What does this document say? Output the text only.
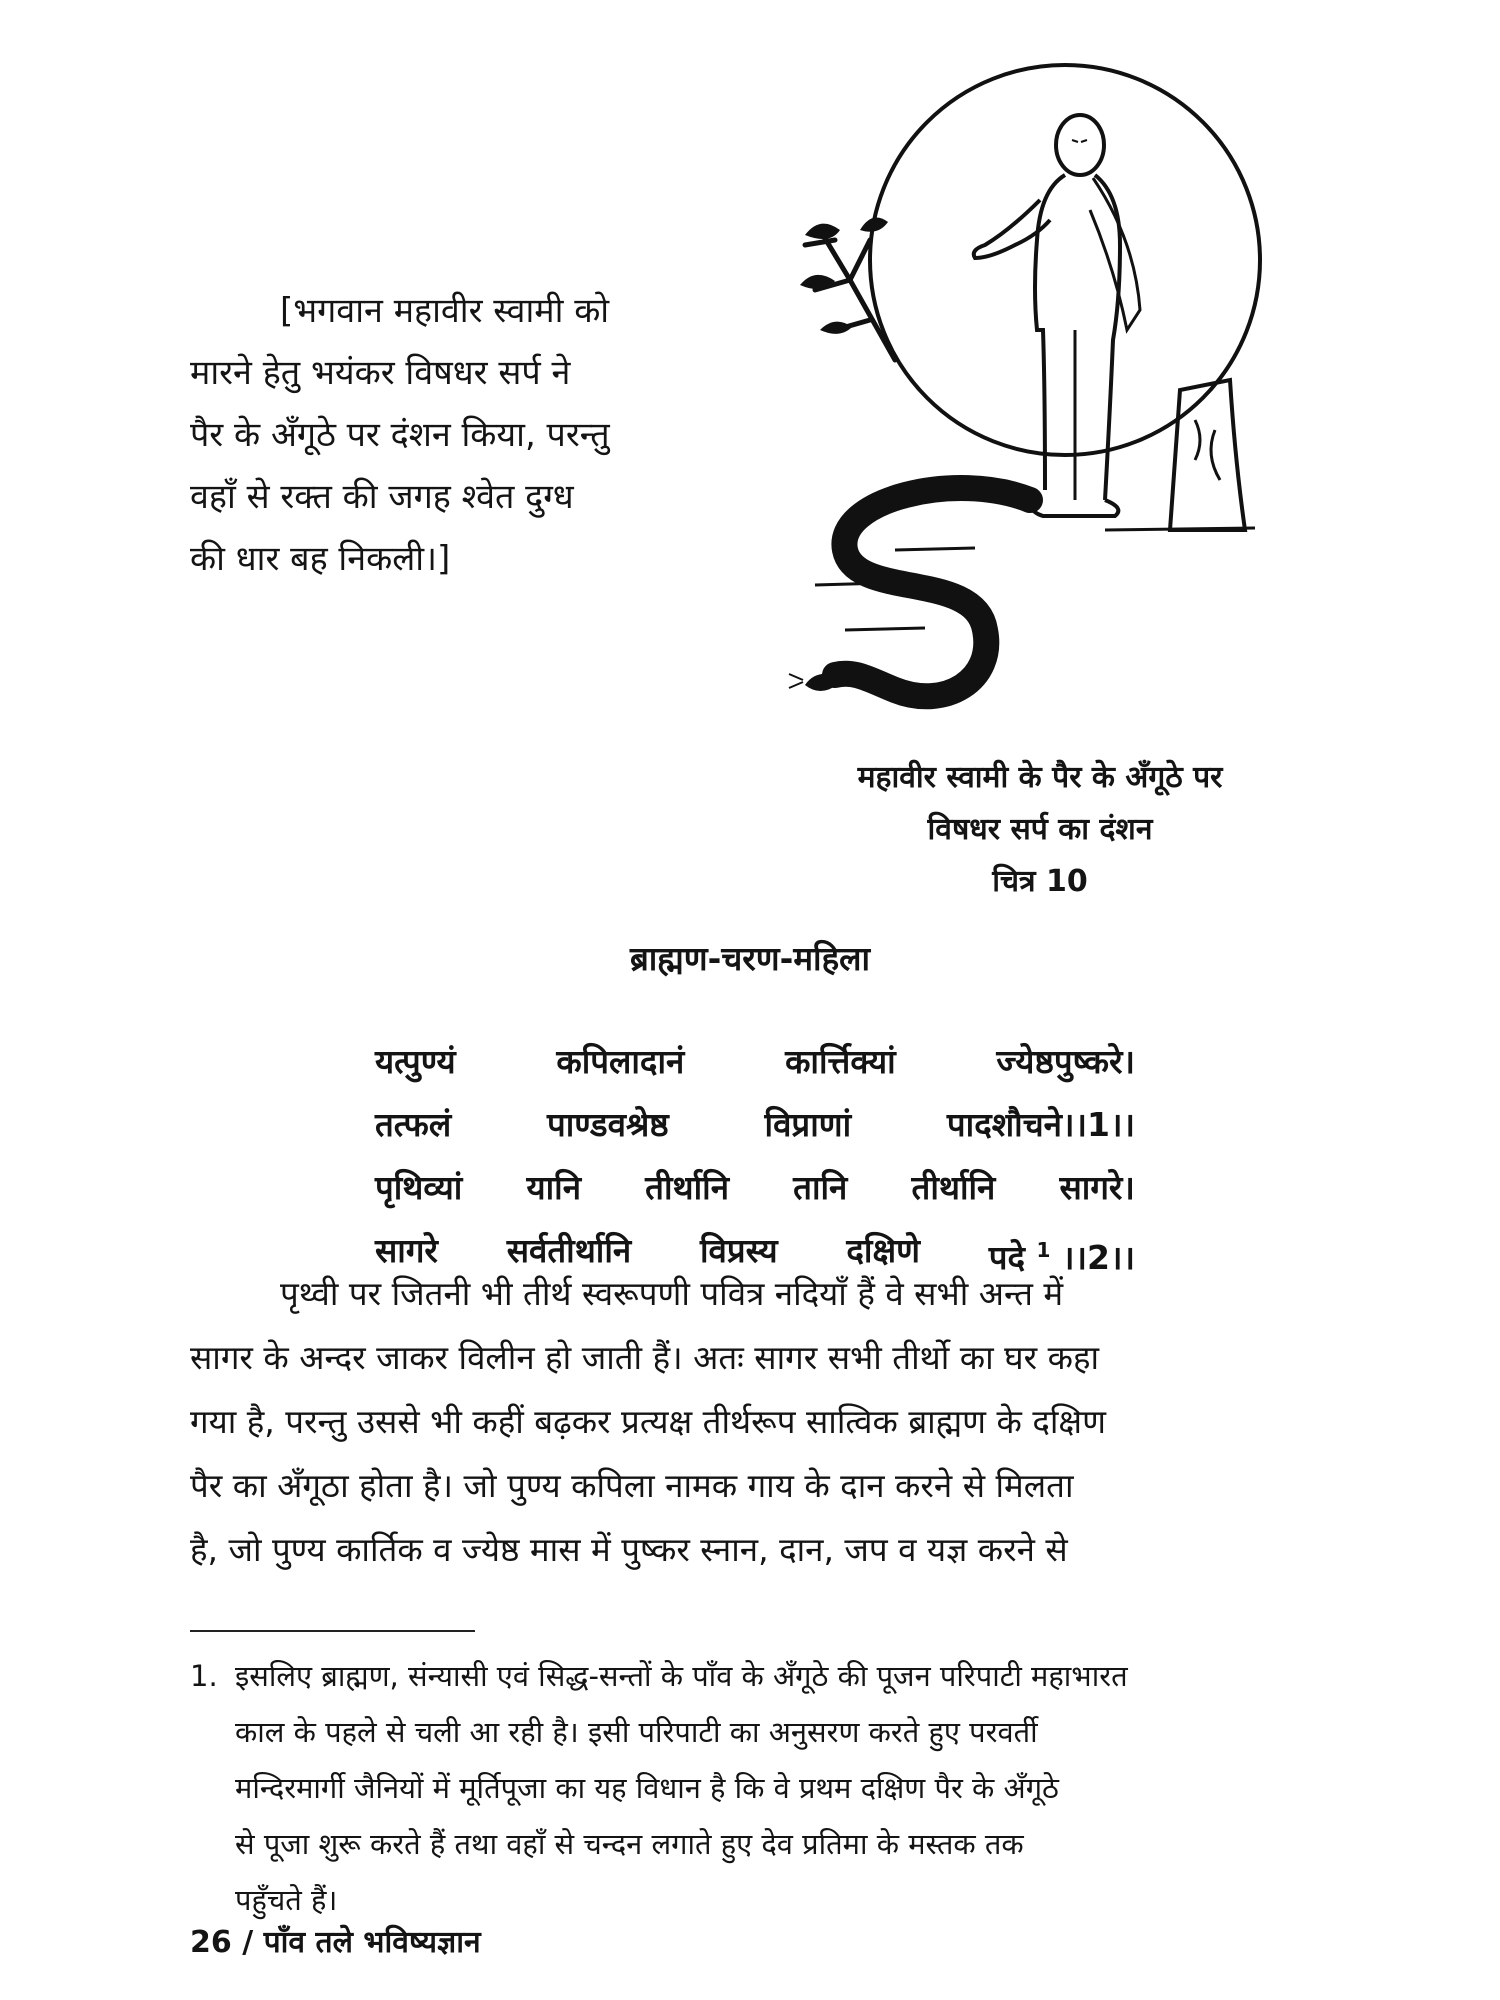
[भगवान महावीर स्वामी को
मारने हेतु भयंकर विषधर सर्प ने
पैर के अँगूठे पर दंशन किया, परन्तु
वहाँ से रक्त की जगह श्वेत दुग्ध
की धार बह निकली।]
महावीर स्वामी के पैर के अँगूठे पर
विषधर सर्प का दंशन
चित्र 10
ब्राह्मण-चरण-महिला
यत्पुण्यं	कपिलादानं	कार्त्तिक्यां	ज्येष्ठपुष्करे।
तत्फलं	पाण्डवश्रेष्ठ	विप्राणां	पादशौचने।।1।।
पृथिव्यां यानि तीर्थानि तानि तीर्थानि सागरे।
सागरे सर्वतीर्थानि विप्रस्य दक्षिणे पदे $^1$ ।।2।।
पृथ्वी पर जितनी भी तीर्थ स्वरूपणी पवित्र नदियाँ हैं वे सभी अन्त में
सागर के अन्दर जाकर विलीन हो जाती हैं। अतः सागर सभी तीर्थो का घर कहा
गया है, परन्तु उससे भी कहीं बढ़कर प्रत्यक्ष तीर्थरूप सात्विक ब्राह्मण के दक्षिण
पैर का अँगूठा होता है। जो पुण्य कपिला नामक गाय के दान करने से मिलता
है, जो पुण्य कार्तिक व ज्येष्ठ मास में पुष्कर स्नान, दान, जप व यज्ञ करने से
1. इसलिए ब्राह्मण, संन्यासी एवं सिद्ध-सन्तों के पाँव के अँगूठे की पूजन परिपाटी महाभारत
काल के पहले से चली आ रही है। इसी परिपाटी का अनुसरण करते हुए परवर्ती
मन्दिरमार्गी जैनियों में मूर्तिपूजा का यह विधान है कि वे प्रथम दक्षिण पैर के अँगूठे
से पूजा शुरू करते हैं तथा वहाँ से चन्दन लगाते हुए देव प्रतिमा के मस्तक तक
पहुँचते हैं।
26 / पाँव तले भविष्यज्ञान
